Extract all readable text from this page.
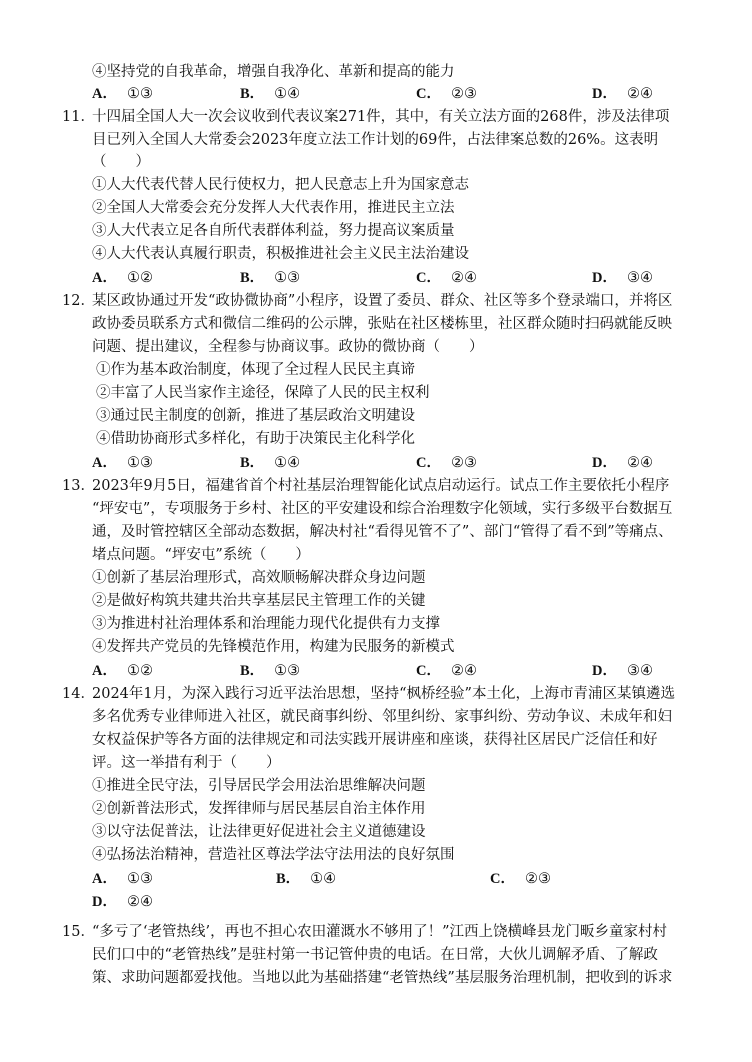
④坚持党的自我革命，增强自我净化、革新和提高的能力
A． ①③	B． ①④	C． ②③	D． ②④
11．
十四届全国人大一次会议收到代表议案271件，其中，有关立法方面的268件，涉及法律项
目已列入全国人大常委会2023年度立法工作计划的69件，占法律案总数的26%。这表明
（　　）
①人大代表代替人民行使权力，把人民意志上升为国家意志
②全国人大常委会充分发挥人大代表作用，推进民主立法
③人大代表立足各自所代表群体利益，努力提高议案质量
④人大代表认真履行职责，积极推进社会主义民主法治建设
A． ①②	B． ①③	C． ②④	D． ③④
12．
某区政协通过开发“政协微协商”小程序，设置了委员、群众、社区等多个登录端口，并将区
政协委员联系方式和微信二维码的公示牌，张贴在社区楼栋里，社区群众随时扫码就能反映
问题、提出建议，全程参与协商议事。政协的微协商（　　）
①作为基本政治制度，体现了全过程人民民主真谛
②丰富了人民当家作主途径，保障了人民的民主权利
③通过民主制度的创新，推进了基层政治文明建设
④借助协商形式多样化，有助于决策民主化科学化
A． ①③	B． ①④	C． ②③	D． ②④
13．
2023年9月5日，福建省首个村社基层治理智能化试点启动运行。试点工作主要依托小程序
“坪安屯”，专项服务于乡村、社区的平安建设和综合治理数字化领域，实行多级平台数据互
通，及时管控辖区全部动态数据，解决村社“看得见管不了”、部门“管得了看不到”等痛点、
堵点问题。“坪安屯”系统（　　）
①创新了基层治理形式，高效顺畅解决群众身边问题
②是做好构筑共建共治共享基层民主管理工作的关键
③为推进村社治理体系和治理能力现代化提供有力支撑
④发挥共产党员的先锋模范作用，构建为民服务的新模式
A． ①②	B． ①③	C． ②④	D． ③④
14．
2024年1月，为深入践行习近平法治思想，坚持“枫桥经验”本土化，上海市青浦区某镇遴选
多名优秀专业律师进入社区，就民商事纠纷、邻里纠纷、家事纠纷、劳动争议、未成年和妇
女权益保护等各方面的法律规定和司法实践开展讲座和座谈，获得社区居民广泛信任和好
评。这一举措有利于（　　）
①推进全民守法，引导居民学会用法治思维解决问题
②创新普法形式，发挥律师与居民基层自治主体作用
③以守法促普法，让法律更好促进社会主义道德建设
④弘扬法治精神，营造社区尊法学法守法用法的良好氛围
A． ①③	B． ①④	C． ②③
D． ②④
15．
“多亏了‘老管热线’，再也不担心农田灌溉水不够用了！”江西上饶横峰县龙门畈乡童家村村
民们口中的“老管热线”是驻村第一书记管仲贵的电话。在日常，大伙儿调解矛盾、了解政
策、求助问题都爱找他。当地以此为基础搭建“老管热线”基层服务治理机制，把收到的诉求
